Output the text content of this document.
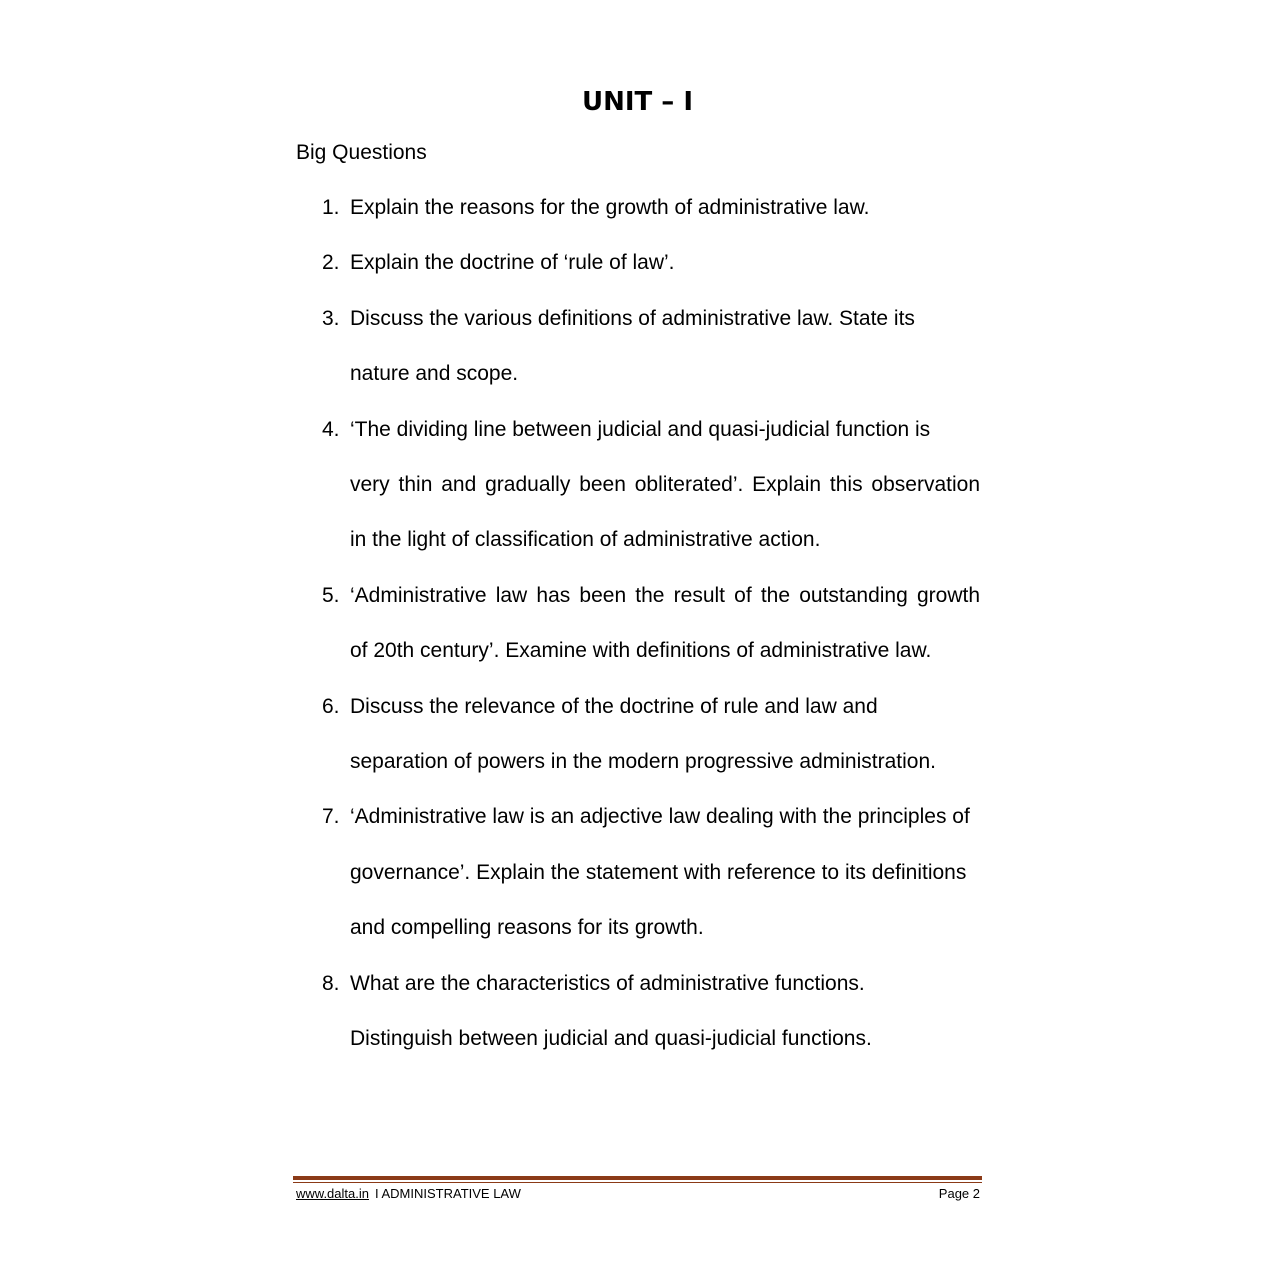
UNIT – I
Big Questions
1. Explain the reasons for the growth of administrative law.
2. Explain the doctrine of ‘rule of law’.
3. Discuss the various definitions of administrative law. State its
nature and scope.
4. ‘The dividing line between judicial and quasi-judicial function is
very thin and gradually been obliterated’. Explain this observation
in the light of classification of administrative action.
5. ‘Administrative law has been the result of the outstanding growth
of 20th century’. Examine with definitions of administrative law.
6. Discuss the relevance of the doctrine of rule and law and
separation of powers in the modern progressive administration.
7. ‘Administrative law is an adjective law dealing with the principles of
governance’. Explain the statement with reference to its definitions
and compelling reasons for its growth.
8. What are the characteristics of administrative functions.
Distinguish between judicial and quasi-judicial functions.
www.dalta.in I ADMINISTRATIVE LAW	Page 2
